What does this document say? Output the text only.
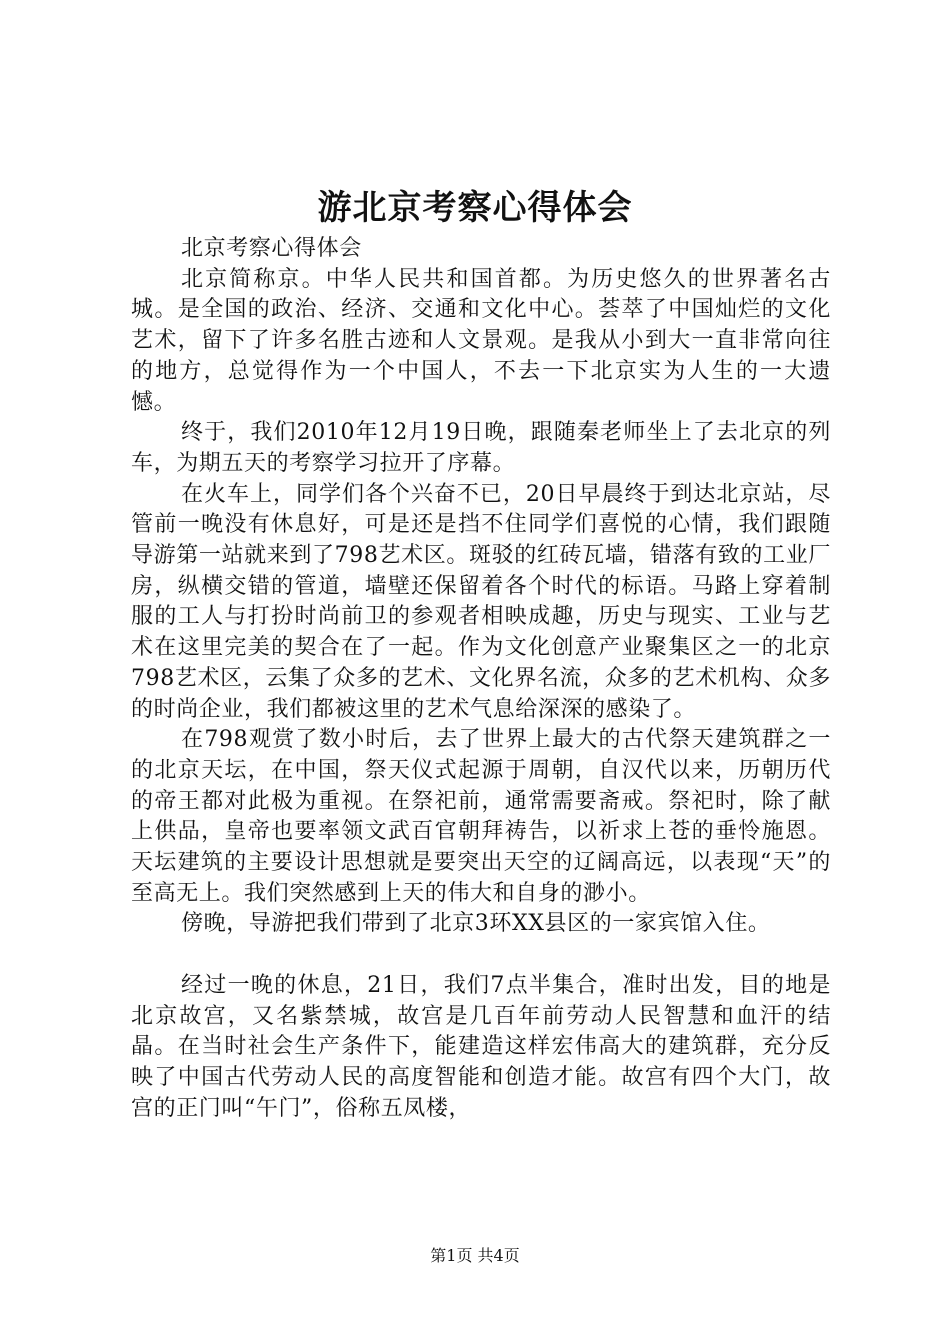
游北京考察心得体会

北京考察心得体会

北京简称京。中华人民共和国首都。为历史悠久的世界著名古城。是全国的政治、经济、交通和文化中心。荟萃了中国灿烂的文化艺术，留下了许多名胜古迹和人文景观。是我从小到大一直非常向往的地方，总觉得作为一个中国人，不去一下北京实为人生的一大遗憾。

终于，我们2010年12月19日晚，跟随秦老师坐上了去北京的列车，为期五天的考察学习拉开了序幕。

在火车上，同学们各个兴奋不已，20日早晨终于到达北京站，尽管前一晚没有休息好，可是还是挡不住同学们喜悦的心情，我们跟随导游第一站就来到了798艺术区。斑驳的红砖瓦墙，错落有致的工业厂房，纵横交错的管道，墙壁还保留着各个时代的标语。马路上穿着制服的工人与打扮时尚前卫的参观者相映成趣，历史与现实、工业与艺术在这里完美的契合在了一起。作为文化创意产业聚集区之一的北京798艺术区，云集了众多的艺术、文化界名流，众多的艺术机构、众多的时尚企业，我们都被这里的艺术气息给深深的感染了。

在798观赏了数小时后，去了世界上最大的古代祭天建筑群之一的北京天坛，在中国，祭天仪式起源于周朝，自汉代以来，历朝历代的帝王都对此极为重视。在祭祀前，通常需要斋戒。祭祀时，除了献上供品，皇帝也要率领文武百官朝拜祷告，以祈求上苍的垂怜施恩。天坛建筑的主要设计思想就是要突出天空的辽阔高远，以表现“天”的至高无上。我们突然感到上天的伟大和自身的渺小。

傍晚，导游把我们带到了北京3环XX县区的一家宾馆入住。

经过一晚的休息，21日，我们7点半集合，准时出发，目的地是北京故宫，又名紫禁城，故宫是几百年前劳动人民智慧和血汗的结晶。在当时社会生产条件下，能建造这样宏伟高大的建筑群，充分反映了中国古代劳动人民的高度智能和创造才能。故宫有四个大门，故宫的正门叫“午门”，俗称五凤楼，

第1页 共4页
